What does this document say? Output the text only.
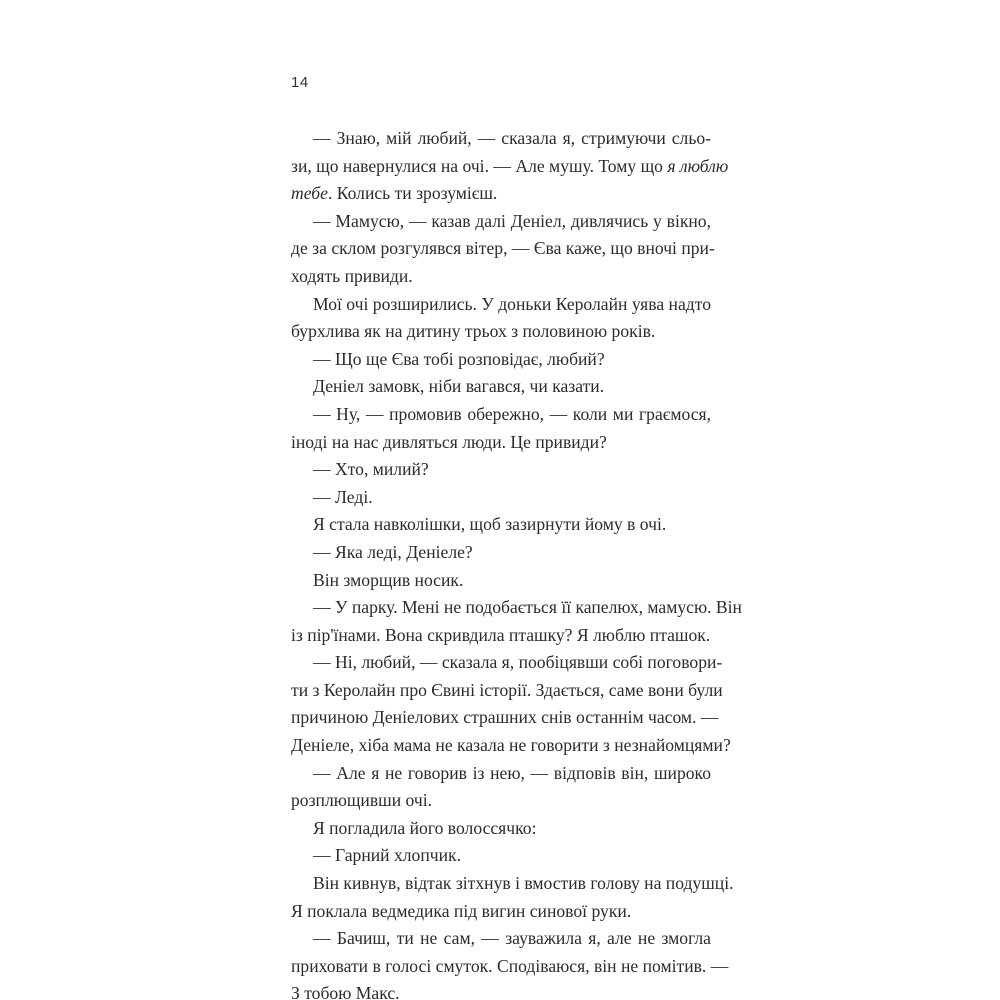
14
— Знаю, мій любий, — сказала я, стримуючи сльо-
зи, що навернулися на очі. — Але мушу. Тому що я люблю
тебе. Колись ти зрозумієш.
— Мамусю, — казав далі Деніел, дивлячись у вікно,
де за склом розгулявся вітер, — Єва каже, що вночі при-
ходять привиди.
Мої очі розширились. У доньки Керолайн уява надто
бурхлива як на дитину трьох з половиною років.
— Що ще Єва тобі розповідає, любий?
Деніел замовк, ніби вагався, чи казати.
— Ну, — промовив обережно, — коли ми граємося,
іноді на нас дивляться люди. Це привиди?
— Хто, милий?
— Леді.
Я стала навколішки, щоб зазирнути йому в очі.
— Яка леді, Деніеле?
Він зморщив носик.
— У парку. Мені не подобається її капелюх, мамусю. Він
із пір'їнами. Вона скривдила пташку? Я люблю пташок.
— Ні, любий, — сказала я, пообіцявши собі поговори-
ти з Керолайн про Євині історії. Здається, саме вони були
причиною Деніелових страшних снів останнім часом. —
Деніеле, хіба мама не казала не говорити з незнайомцями?
— Але я не говорив із нею, — відповів він, широко
розплющивши очі.
Я погладила його волоссячко:
— Гарний хлопчик.
Він кивнув, відтак зітхнув і вмостив голову на подушці.
Я поклала ведмедика під вигин синової руки.
— Бачиш, ти не сам, — зауважила я, але не змогла
приховати в голосі смуток. Сподіваюся, він не помітив. —
З тобою Макс.
